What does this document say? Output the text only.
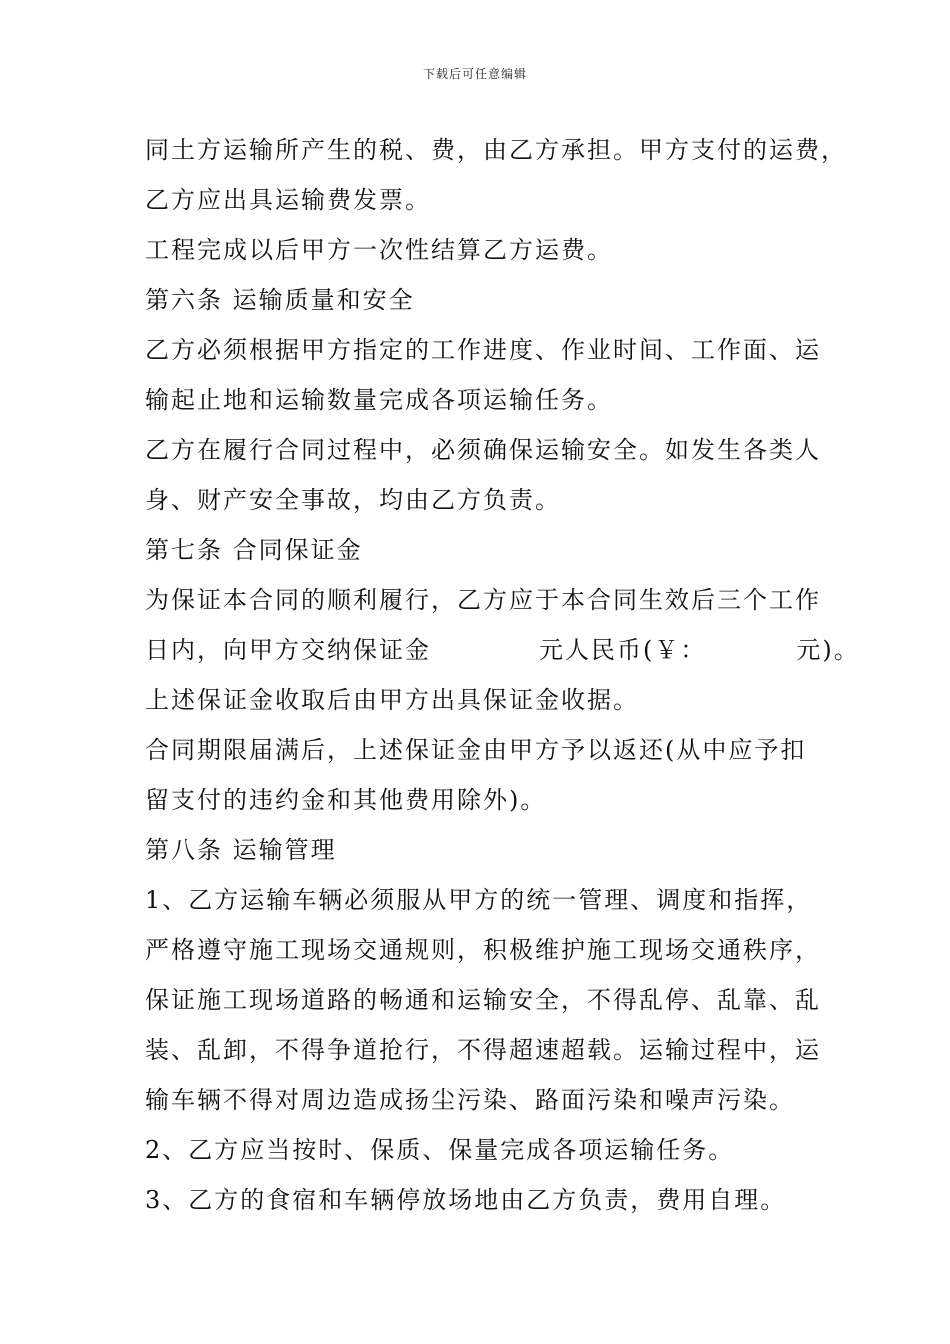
下载后可任意编辑
同土方运输所产生的税、费，由乙方承担。甲方支付的运费，
乙方应出具运输费发票。
工程完成以后甲方一次性结算乙方运费。
第六条 运输质量和安全
乙方必须根据甲方指定的工作进度、作业时间、工作面、运
输起止地和运输数量完成各项运输任务。
乙方在履行合同过程中，必须确保运输安全。如发生各类人
身、财产安全事故，均由乙方负责。
第七条 合同保证金
为保证本合同的顺利履行，乙方应于本合同生效后三个工作
日内，向甲方交纳保证金	元人民币(￥：	元)。
上述保证金收取后由甲方出具保证金收据。
合同期限届满后，上述保证金由甲方予以返还(从中应予扣
留支付的违约金和其他费用除外)。
第八条 运输管理
1、乙方运输车辆必须服从甲方的统一管理、调度和指挥，
严格遵守施工现场交通规则，积极维护施工现场交通秩序，
保证施工现场道路的畅通和运输安全，不得乱停、乱靠、乱
装、乱卸，不得争道抢行，不得超速超载。运输过程中，运
输车辆不得对周边造成扬尘污染、路面污染和噪声污染。
2、乙方应当按时、保质、保量完成各项运输任务。
3、乙方的食宿和车辆停放场地由乙方负责，费用自理。
